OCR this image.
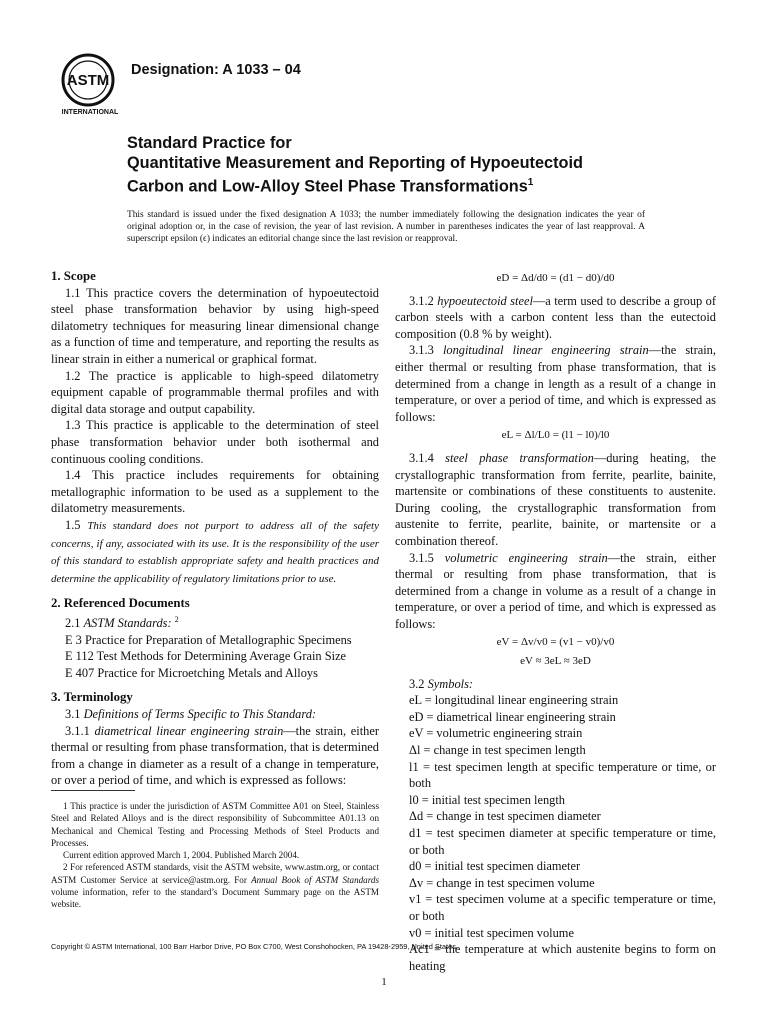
ASTM
INTERNATIONAL
Designation: A 1033 – 04
Standard Practice for
Quantitative Measurement and Reporting of Hypoeutectoid
Carbon and Low-Alloy Steel Phase Transformations$^1$
This standard is issued under the fixed designation A 1033; the number immediately following the designation indicates the year of original adoption or, in the case of revision, the year of last revision. A number in parentheses indicates the year of last reapproval. A superscript epsilon (ϵ) indicates an editorial change since the last revision or reapproval.

1. Scope

1.1 This practice covers the determination of hypoeutectoid steel phase transformation behavior by using high-speed dilatometry techniques for measuring linear dimensional change as a function of time and temperature, and reporting the results as linear strain in either a numerical or graphical format.

1.2 The practice is applicable to high-speed dilatometry equipment capable of programmable thermal profiles and with digital data storage and output capability.

1.3 This practice is applicable to the determination of steel phase transformation behavior under both isothermal and continuous cooling conditions.

1.4 This practice includes requirements for obtaining metallographic information to be used as a supplement to the dilatometry measurements.

1.5 This standard does not purport to address all of the safety concerns, if any, associated with its use. It is the responsibility of the user of this standard to establish appropriate safety and health practices and determine the applicability of regulatory limitations prior to use.

2. Referenced Documents

2.1 ASTM Standards: $^2$

E 3 Practice for Preparation of Metallographic Specimens

E 112 Test Methods for Determining Average Grain Size

E 407 Practice for Microetching Metals and Alloys

3. Terminology

3.1 Definitions of Terms Specific to This Standard:

3.1.1 diametrical linear engineering strain—the strain, either thermal or resulting from phase transformation, that is determined from a change in diameter as a result of a change in temperature, or over a period of time, and which is expressed as follows:

1 This practice is under the jurisdiction of ASTM Committee A01 on Steel, Stainless Steel and Related Alloys and is the direct responsibility of Subcommittee A01.13 on Mechanical and Chemical Testing and Processing Methods of Steel Products and Processes.

Current edition approved March 1, 2004. Published March 2004.

2 For referenced ASTM standards, visit the ASTM website, www.astm.org, or contact ASTM Customer Service at service@astm.org. For Annual Book of ASTM Standards volume information, refer to the standard’s Document Summary page on the ASTM website.

eD = Δd/d0 = (d1 − d0)/d0

3.1.2 hypoeutectoid steel—a term used to describe a group of carbon steels with a carbon content less than the eutectoid composition (0.8 % by weight).

3.1.3 longitudinal linear engineering strain—the strain, either thermal or resulting from phase transformation, that is determined from a change in length as a result of a change in temperature, or over a period of time, and which is expressed as follows:

eL = Δl/L0 = (l1 − l0)/l0

3.1.4 steel phase transformation—during heating, the crystallographic transformation from ferrite, pearlite, bainite, martensite or combinations of these constituents to austenite. During cooling, the crystallographic transformation from austenite to ferrite, pearlite, bainite, or martensite or a combination thereof.

3.1.5 volumetric engineering strain—the strain, either thermal or resulting from phase transformation, that is determined from a change in volume as a result of a change in temperature, or over a period of time, and which is expressed as follows:

eV = Δv/v0 = (v1 − v0)/v0

eV ≈ 3eL ≈ 3eD

3.2 Symbols:

eL = longitudinal linear engineering strain

eD = diametrical linear engineering strain

eV = volumetric engineering strain

Δl = change in test specimen length

l1 = test specimen length at specific temperature or time, or both

l0 = initial test specimen length

Δd = change in test specimen diameter

d1 = test specimen diameter at specific temperature or time, or both

d0 = initial test specimen diameter

Δv = change in test specimen volume

v1 = test specimen volume at a specific temperature or time, or both

v0 = initial test specimen volume

Ac1 = the temperature at which austenite begins to form on heating

Copyright © ASTM International, 100 Barr Harbor Drive, PO Box C700, West Conshohocken, PA 19428-2959, United States.
1
